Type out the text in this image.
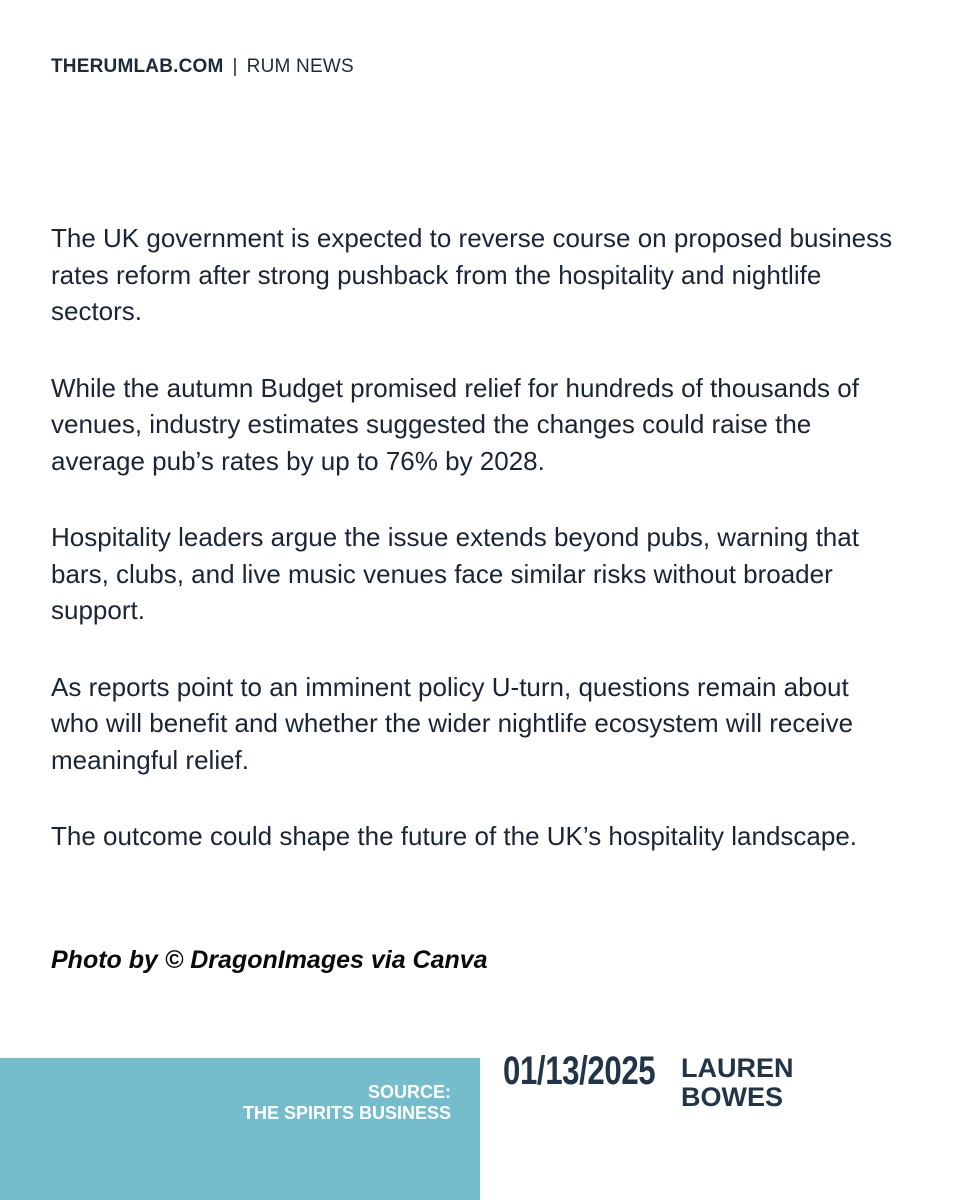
THERUMLAB.COM | RUM NEWS

The UK government is expected to reverse course on proposed business rates reform after strong pushback from the hospitality and nightlife sectors.

While the autumn Budget promised relief for hundreds of thousands of venues, industry estimates suggested the changes could raise the average pub’s rates by up to 76% by 2028.

Hospitality leaders argue the issue extends beyond pubs, warning that bars, clubs, and live music venues face similar risks without broader support.

As reports point to an imminent policy U-turn, questions remain about who will benefit and whether the wider nightlife ecosystem will receive meaningful relief.

The outcome could shape the future of the UK’s hospitality landscape.

Photo by © DragonImages via Canva
SOURCE:
THE SPIRITS BUSINESS
01/13/2025 LAUREN
BOWES
